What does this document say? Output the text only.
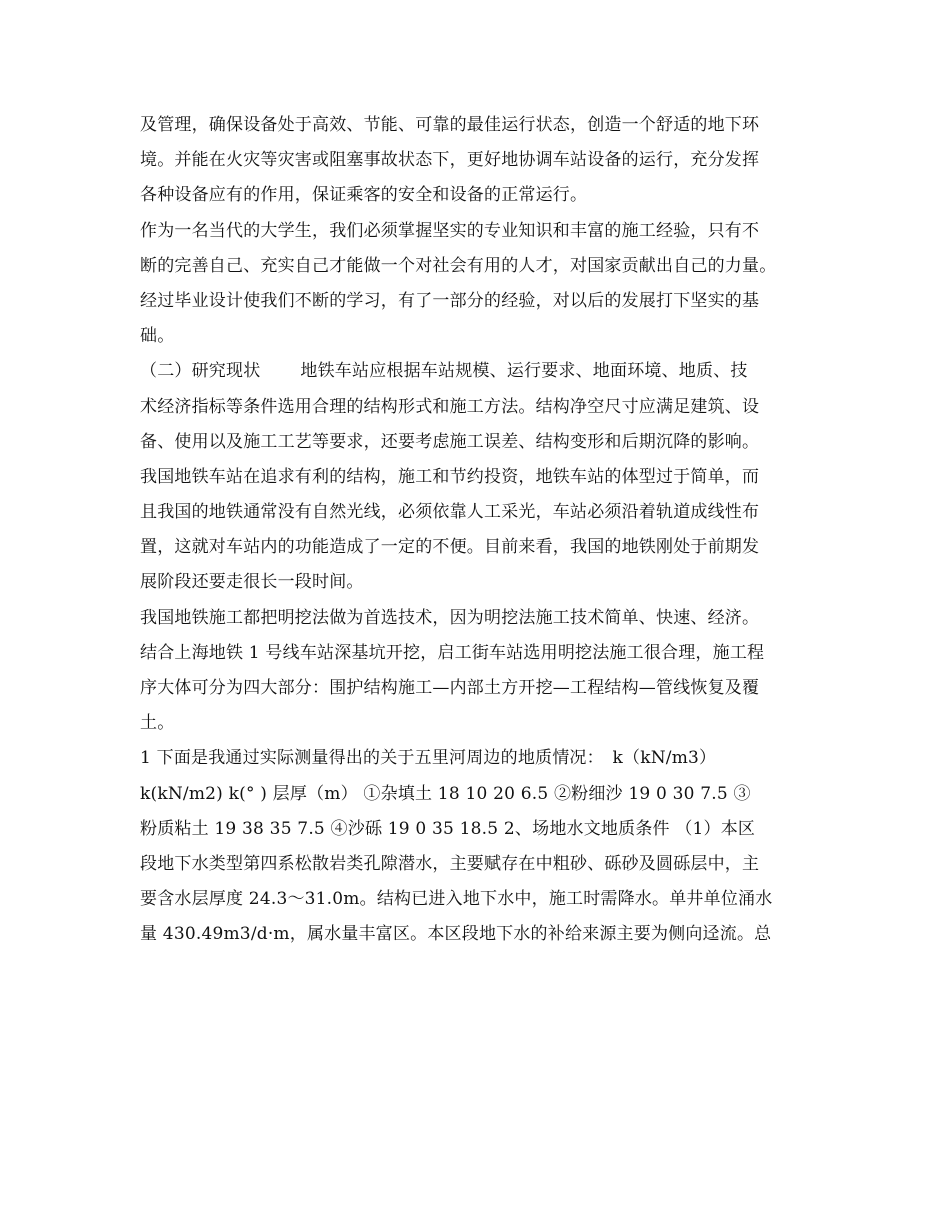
及管理，确保设备处于高效、节能、可靠的最佳运行状态，创造一个舒适的地下环
境。并能在火灾等灾害或阻塞事故状态下，更好地协调车站设备的运行，充分发挥
各种设备应有的作用，保证乘客的安全和设备的正常运行。
作为一名当代的大学生，我们必须掌握坚实的专业知识和丰富的施工经验，只有不
断的完善自己、充实自己才能做一个对社会有用的人才，对国家贡献出自己的力量。
经过毕业设计使我们不断的学习，有了一部分的经验，对以后的发展打下坚实的基
础。
（二）研究现状　　 地铁车站应根据车站规模、运行要求、地面环境、地质、技
术经济指标等条件选用合理的结构形式和施工方法。结构净空尺寸应满足建筑、设
备、使用以及施工工艺等要求，还要考虑施工误差、结构变形和后期沉降的影响。
我国地铁车站在追求有利的结构，施工和节约投资，地铁车站的体型过于简单，而
且我国的地铁通常没有自然光线，必须依靠人工采光，车站必须沿着轨道成线性布
置，这就对车站内的功能造成了一定的不便。目前来看，我国的地铁刚处于前期发
展阶段还要走很长一段时间。
我国地铁施工都把明挖法做为首选技术，因为明挖法施工技术简单、快速、经济。
结合上海地铁 1 号线车站深基坑开挖，启工街车站选用明挖法施工很合理，施工程
序大体可分为四大部分：围护结构施工—内部土方开挖—工程结构—管线恢复及覆
土。
1 下面是我通过实际测量得出的关于五里河周边的地质情况：　k（kN/m3）
k(kN/m2) k(° ) 层厚（m） ①杂填土 18 10 20 6.5 ②粉细沙 19 0 30 7.5 ③
粉质粘土 19 38 35 7.5 ④沙砾 19 0 35 18.5 2、场地水文地质条件 （1）本区
段地下水类型第四系松散岩类孔隙潜水，主要赋存在中粗砂、砾砂及圆砾层中，主
要含水层厚度 24.3～31.0m。结构已进入地下水中，施工时需降水。单井单位涌水
量 430.49m3/d·m，属水量丰富区。本区段地下水的补给来源主要为侧向迳流。总
